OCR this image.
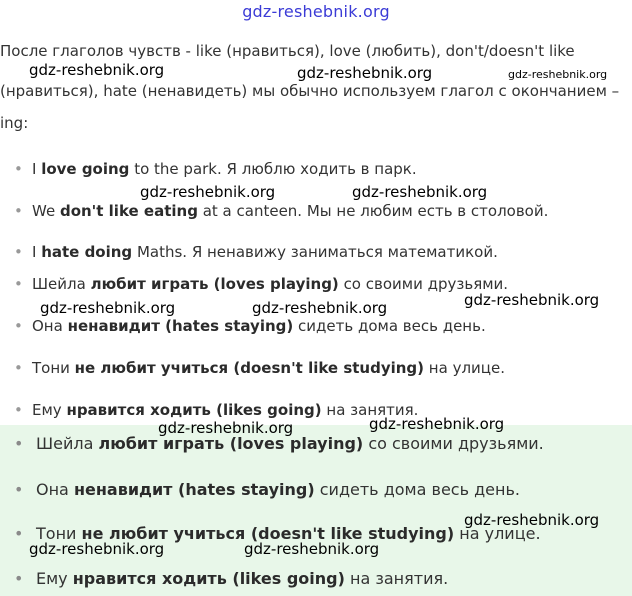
gdz-reshebnik.org

После глаголов чувств - like (нравиться), love (любить), don't/doesn't like
(нравиться), hate (ненавидеть) мы обычно используем глагол с окончанием –
ing:

• I love going to the park. Я люблю ходить в парк.
• We don't like eating at a canteen. Мы не любим есть в столовой.
• I hate doing Maths. Я ненавижу заниматься математикой.
• Шейла любит играть (loves playing) со своими друзьями.
• Она ненавидит (hates staying) сидеть дома весь день.
• Тони не любит учиться (doesn't like studying) на улице.
• Ему нравится ходить (likes going) на занятия.
• Шейла любит играть (loves playing) со своими друзьями.
• Она ненавидит (hates staying) сидеть дома весь день.
• Тони не любит учиться (doesn't like studying) на улице.
• Ему нравится ходить (likes going) на занятия.
gdz-reshebnik.org	gdz-reshebnik.org	gdz-reshebnik.org
gdz-reshebnik.org	gdz-reshebnik.org
gdz-reshebnik.org	gdz-reshebnik.org	gdz-reshebnik.org
gdz-reshebnik.org	gdz-reshebnik.org
gdz-reshebnik.org
gdz-reshebnik.org	gdz-reshebnik.org
